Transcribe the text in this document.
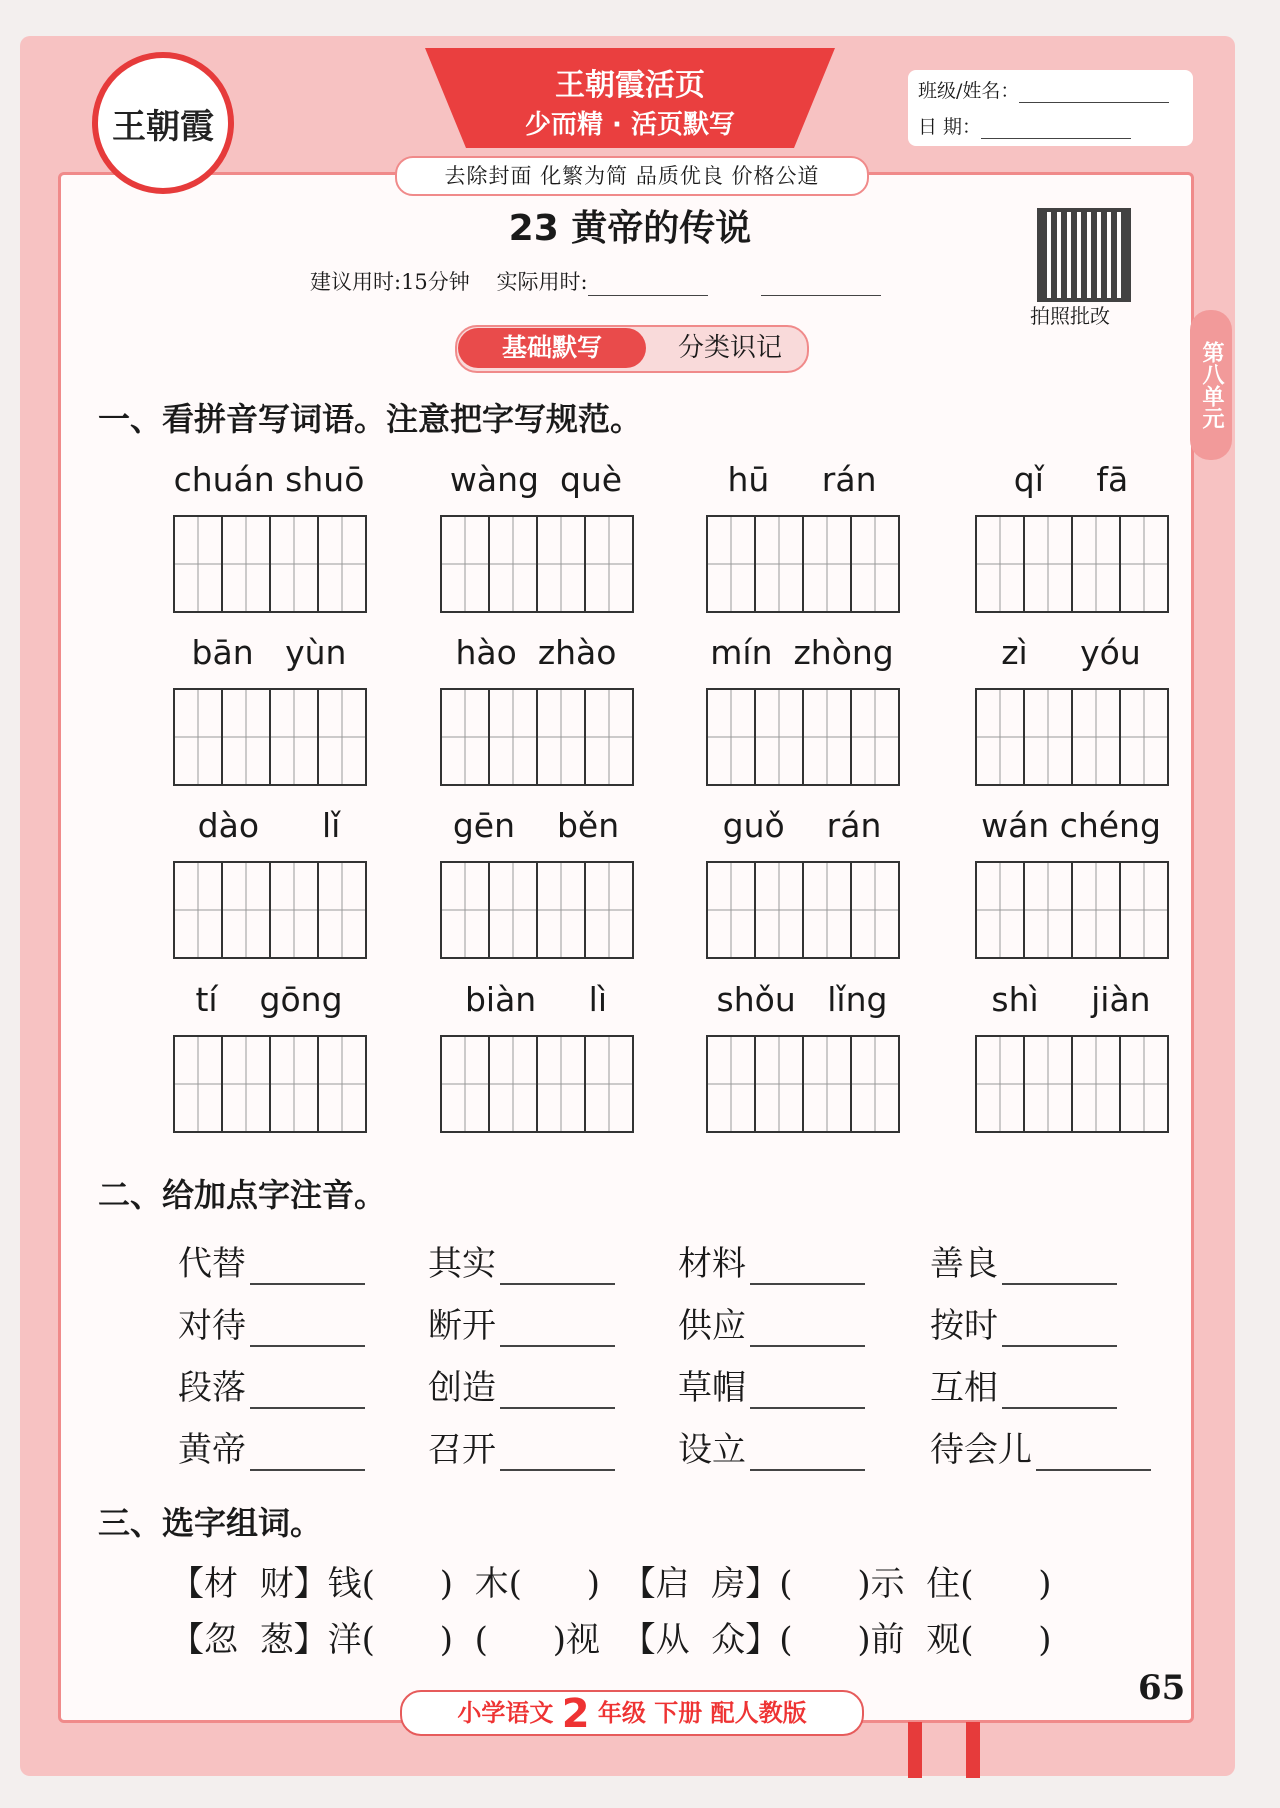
王朝霞
王朝霞活页
少而精 · 活页默写
去除封面 化繁为简 品质优良 价格公道
班级/姓名：
日 期：
23 黄帝的传说
建议用时:15分钟 实际用时:
拍照批改
第八单元
基础默写	分类识记
一、看拼音写词语。注意把字写规范。
chuán shuō	wàng  què	hū     rán	qǐ     fā
bān   yùn	hào  zhào	mín  zhòng	zì     yóu
dào      lǐ	gēn    běn	guǒ    rán	wán chéng
tí    gōng	biàn     lì	shǒu   lǐng	shì     jiàn
二、给加点字注音。
代替	其实	材料	善良
对待	断开	供应	按时
段落	创造	草帽	互相
黄帝	召开	设立	待会儿
三、选字组词。
【材  财】钱(      )  木(      )  【启  房】(      )示  住(      )
【忽  葱】洋(      )  (      )视  【从  众】(      )前  观(      )
65
小学语文 2 年级 下册 配人教版
